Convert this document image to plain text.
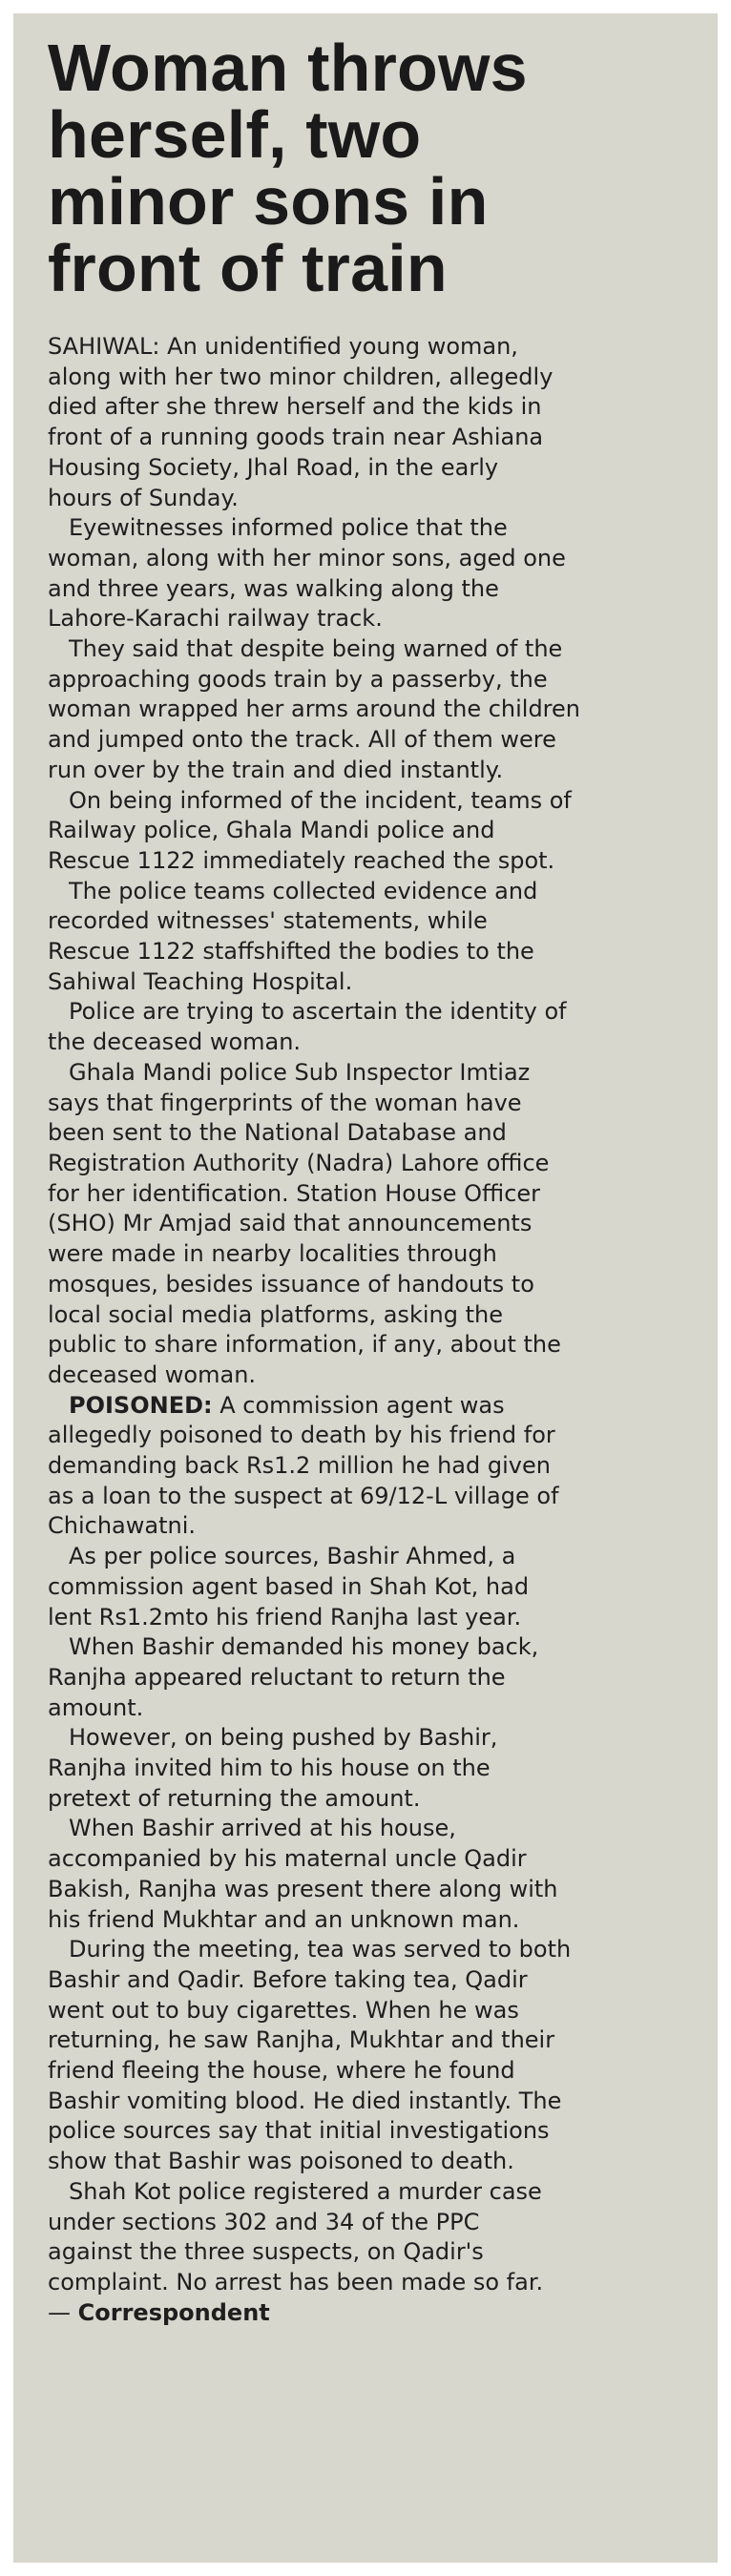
Woman throws
herself, two
minor sons in
front of train
SAHIWAL: An unidentified young woman,
along with her two minor children, allegedly
died after she threw herself and the kids in
front of a running goods train near Ashiana
Housing Society, Jhal Road, in the early
hours of Sunday.
Eyewitnesses informed police that the
woman, along with her minor sons, aged one
and three years, was walking along the
Lahore-Karachi railway track.
They said that despite being warned of the
approaching goods train by a passerby, the
woman wrapped her arms around the children
and jumped onto the track. All of them were
run over by the train and died instantly.
On being informed of the incident, teams of
Railway police, Ghala Mandi police and
Rescue 1122 immediately reached the spot.
The police teams collected evidence and
recorded witnesses' statements, while
Rescue 1122 staffshifted the bodies to the
Sahiwal Teaching Hospital.
Police are trying to ascertain the identity of
the deceased woman.
Ghala Mandi police Sub Inspector Imtiaz
says that fingerprints of the woman have
been sent to the National Database and
Registration Authority (Nadra) Lahore office
for her identification. Station House Officer
(SHO) Mr Amjad said that announcements
were made in nearby localities through
mosques, besides issuance of handouts to
local social media platforms, asking the
public to share information, if any, about the
deceased woman.
POISONED: A commission agent was
allegedly poisoned to death by his friend for
demanding back Rs1.2 million he had given
as a loan to the suspect at 69/12-L village of
Chichawatni.
As per police sources, Bashir Ahmed, a
commission agent based in Shah Kot, had
lent Rs1.2mto his friend Ranjha last year.
When Bashir demanded his money back,
Ranjha appeared reluctant to return the
amount.
However, on being pushed by Bashir,
Ranjha invited him to his house on the
pretext of returning the amount.
When Bashir arrived at his house,
accompanied by his maternal uncle Qadir
Bakish, Ranjha was present there along with
his friend Mukhtar and an unknown man.
During the meeting, tea was served to both
Bashir and Qadir. Before taking tea, Qadir
went out to buy cigarettes. When he was
returning, he saw Ranjha, Mukhtar and their
friend fleeing the house, where he found
Bashir vomiting blood. He died instantly. The
police sources say that initial investigations
show that Bashir was poisoned to death.
Shah Kot police registered a murder case
under sections 302 and 34 of the PPC
against the three suspects, on Qadir's
complaint. No arrest has been made so far.
— Correspondent
